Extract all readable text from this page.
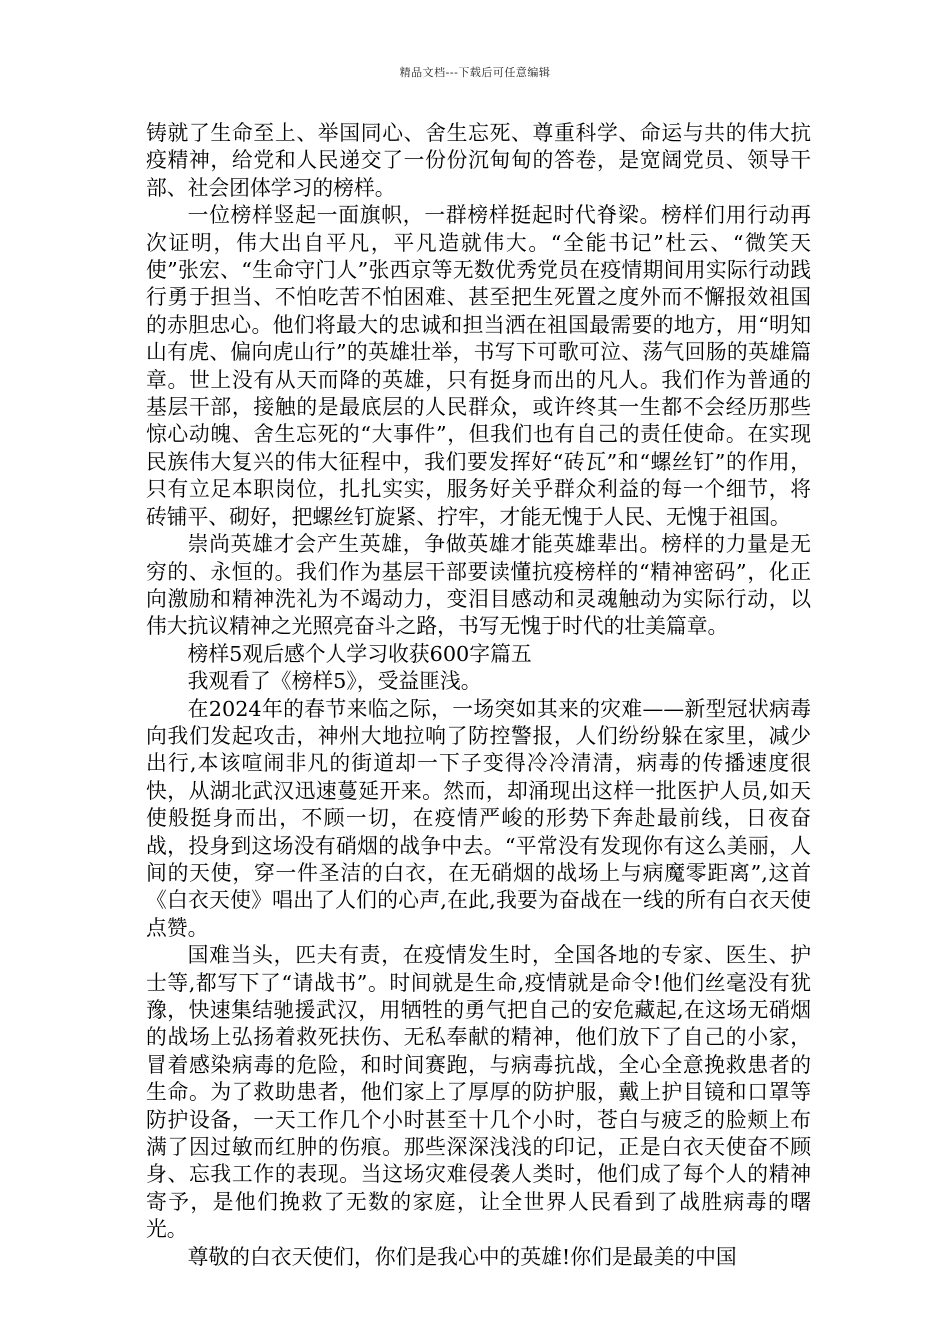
精品文档---下载后可任意编辑

铸就了生命至上、举国同心、舍生忘死、尊重科学、命运与共的伟大抗疫精神，给党和人民递交了一份份沉甸甸的答卷，是宽阔党员、领导干部、社会团体学习的榜样。

一位榜样竖起一面旗帜，一群榜样挺起时代脊梁。榜样们用行动再次证明，伟大出自平凡，平凡造就伟大。“全能书记”杜云、“微笑天使”张宏、“生命守门人”张西京等无数优秀党员在疫情期间用实际行动践行勇于担当、不怕吃苦不怕困难、甚至把生死置之度外而不懈报效祖国的赤胆忠心。他们将最大的忠诚和担当洒在祖国最需要的地方，用“明知山有虎、偏向虎山行”的英雄壮举，书写下可歌可泣、荡气回肠的英雄篇章。世上没有从天而降的英雄，只有挺身而出的凡人。我们作为普通的基层干部，接触的是最底层的人民群众，或许终其一生都不会经历那些惊心动魄、舍生忘死的“大事件”，但我们也有自己的责任使命。在实现民族伟大复兴的伟大征程中，我们要发挥好“砖瓦”和“螺丝钉”的作用，只有立足本职岗位，扎扎实实，服务好关乎群众利益的每一个细节，将砖铺平、砌好，把螺丝钉旋紧、拧牢，才能无愧于人民、无愧于祖国。

崇尚英雄才会产生英雄，争做英雄才能英雄辈出。榜样的力量是无穷的、永恒的。我们作为基层干部要读懂抗疫榜样的“精神密码”，化正向激励和精神洗礼为不竭动力，变泪目感动和灵魂触动为实际行动，以伟大抗议精神之光照亮奋斗之路，书写无愧于时代的壮美篇章。

榜样5观后感个人学习收获600字篇五

我观看了《榜样5》，受益匪浅。

在2024年的春节来临之际，一场突如其来的灾难——新型冠状病毒向我们发起攻击，神州大地拉响了防控警报，人们纷纷躲在家里，减少出行,本该喧闹非凡的街道却一下子变得冷冷清清，病毒的传播速度很快，从湖北武汉迅速蔓延开来。然而，却涌现出这样一批医护人员,如天使般挺身而出，不顾一切，在疫情严峻的形势下奔赴最前线，日夜奋战，投身到这场没有硝烟的战争中去。“平常没有发现你有这么美丽，人间的天使，穿一件圣洁的白衣，在无硝烟的战场上与病魔零距离”,这首《白衣天使》唱出了人们的心声,在此,我要为奋战在一线的所有白衣天使点赞。

国难当头，匹夫有责，在疫情发生时，全国各地的专家、医生、护士等,都写下了“请战书”。时间就是生命,疫情就是命令!他们丝毫没有犹豫，快速集结驰援武汉，用牺牲的勇气把自己的安危藏起,在这场无硝烟的战场上弘扬着救死扶伤、无私奉献的精神，他们放下了自己的小家，冒着感染病毒的危险，和时间赛跑，与病毒抗战，全心全意挽救患者的生命。为了救助患者，他们家上了厚厚的防护服，戴上护目镜和口罩等防护设备，一天工作几个小时甚至十几个小时，苍白与疲乏的脸颊上布满了因过敏而红肿的伤痕。那些深深浅浅的印记，正是白衣天使奋不顾身、忘我工作的表现。当这场灾难侵袭人类时，他们成了每个人的精神寄予，是他们挽救了无数的家庭，让全世界人民看到了战胜病毒的曙光。

尊敬的白衣天使们，你们是我心中的英雄!你们是最美的中国
